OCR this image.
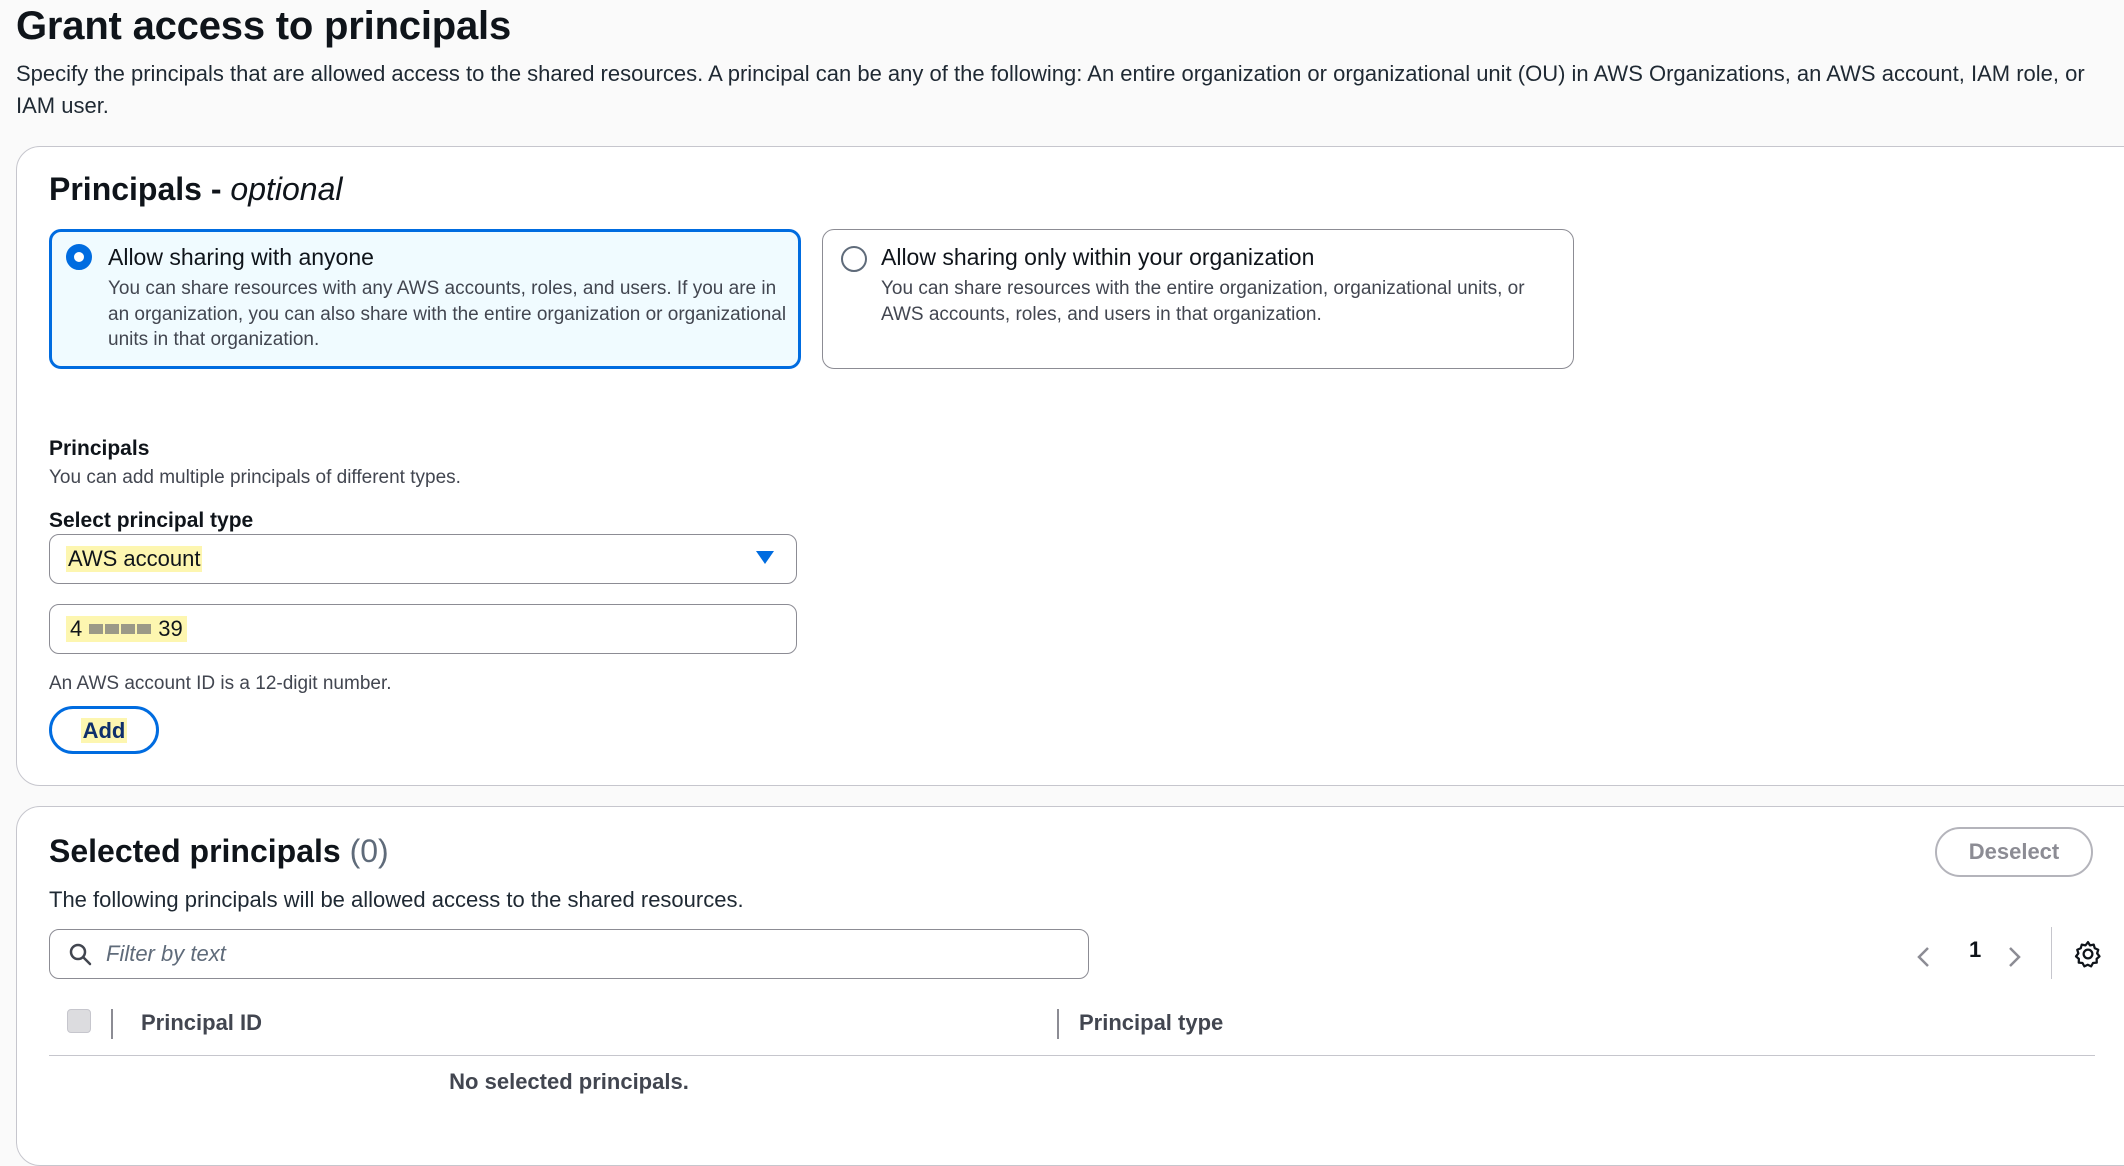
Grant access to principals
Specify the principals that are allowed access to the shared resources. A principal can be any of the following: An entire organization or organizational unit (OU) in AWS Organizations, an AWS account, IAM role, or IAM user.
Principals - optional
Allow sharing with anyone
You can share resources with any AWS accounts, roles, and users. If you are in an organization, you can also share with the entire organization or organizational units in that organization.
Allow sharing only within your organization
You can share resources with the entire organization, organizational units, or AWS accounts, roles, and users in that organization.
Principals
You can add multiple principals of different types.
Select principal type
AWS account
4	39
An AWS account ID is a 12-digit number.
Add
Selected principals (0)
The following principals will be allowed access to the shared resources.
Deselect
Filter by text	1
Principal ID	Principal type
No selected principals.
